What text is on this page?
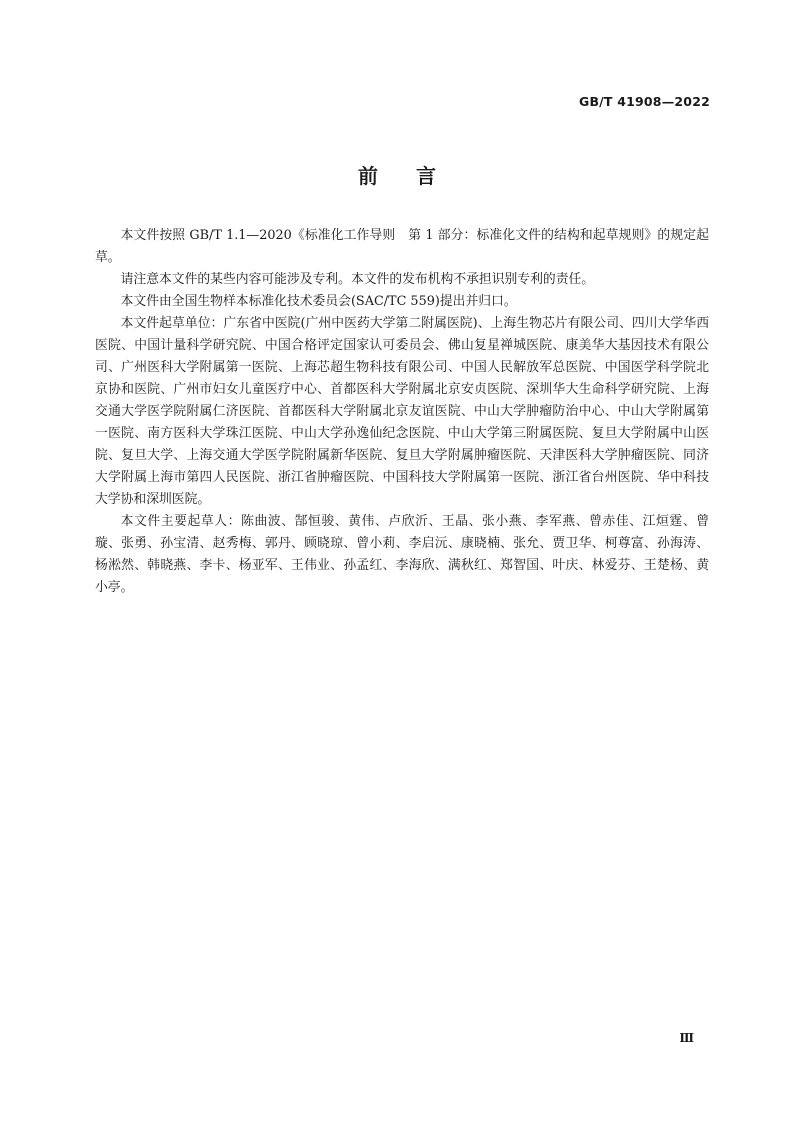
GB/T 41908—2022
前言

本文件按照 GB/T 1.1—2020《标准化工作导则　第 1 部分：标准化文件的结构和起草规则》的规定起草。

请注意本文件的某些内容可能涉及专利。本文件的发布机构不承担识别专利的责任。

本文件由全国生物样本标准化技术委员会(SAC/TC 559)提出并归口。

本文件起草单位：广东省中医院(广州中医药大学第二附属医院)、上海生物芯片有限公司、四川大学华西医院、中国计量科学研究院、中国合格评定国家认可委员会、佛山复星禅城医院、康美华大基因技术有限公司、广州医科大学附属第一医院、上海芯超生物科技有限公司、中国人民解放军总医院、中国医学科学院北京协和医院、广州市妇女儿童医疗中心、首都医科大学附属北京安贞医院、深圳华大生命科学研究院、上海交通大学医学院附属仁济医院、首都医科大学附属北京友谊医院、中山大学肿瘤防治中心、中山大学附属第一医院、南方医科大学珠江医院、中山大学孙逸仙纪念医院、中山大学第三附属医院、复旦大学附属中山医院、复旦大学、上海交通大学医学院附属新华医院、复旦大学附属肿瘤医院、天津医科大学肿瘤医院、同济大学附属上海市第四人民医院、浙江省肿瘤医院、中国科技大学附属第一医院、浙江省台州医院、华中科技大学协和深圳医院。

本文件主要起草人：陈曲波、郜恒骏、黄伟、卢欣沂、王晶、张小燕、李军燕、曾赤佳、江烜霆、曾璇、张勇、孙宝清、赵秀梅、郭丹、顾晓琼、曾小莉、李启沅、康晓楠、张允、贾卫华、柯尊富、孙海涛、杨淞然、韩晓燕、李卡、杨亚军、王伟业、孙孟红、李海欣、满秋红、郑智国、叶庆、林爱芬、王楚杨、黄小亭。

Ⅲ
